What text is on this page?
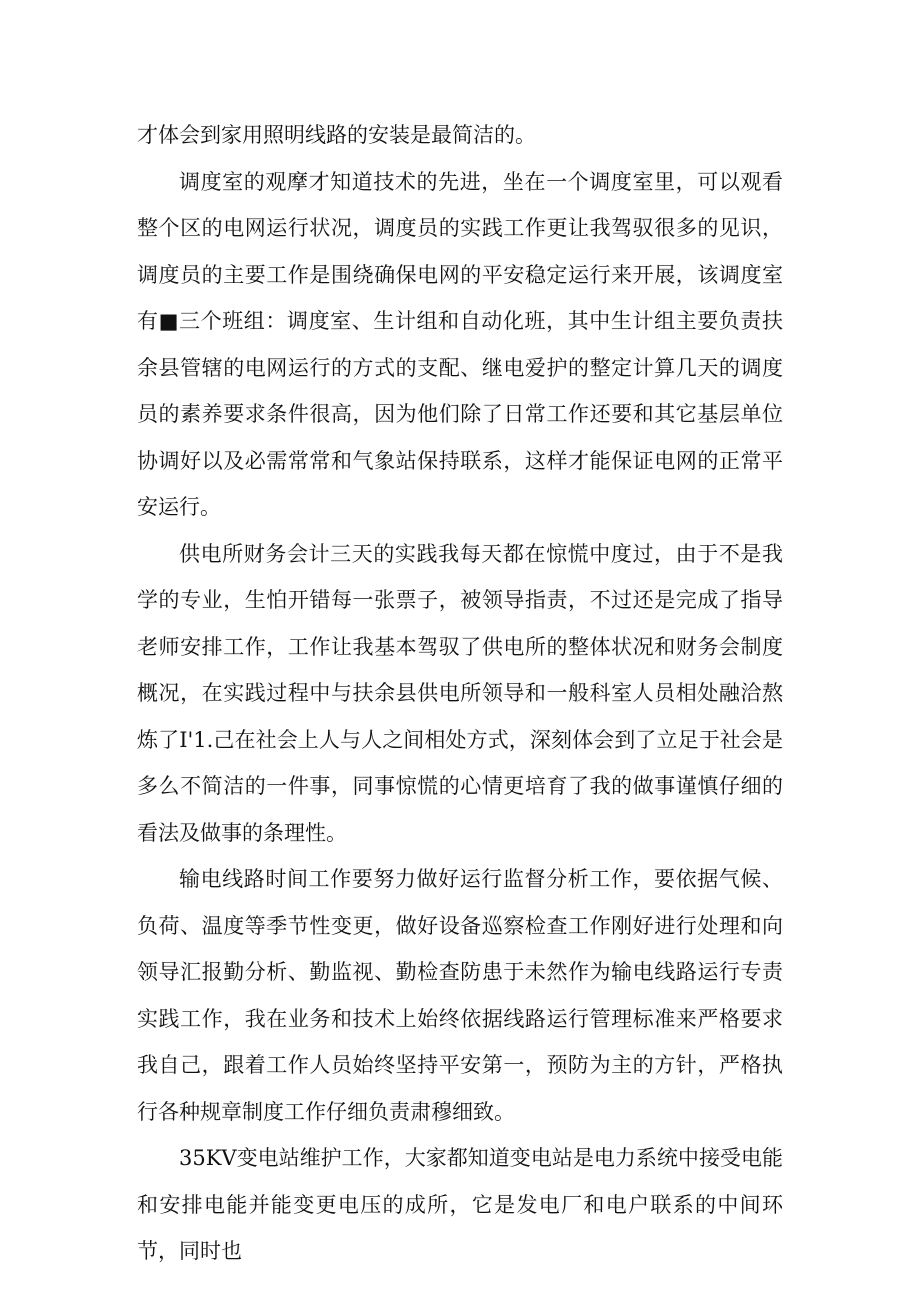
才体会到家用照明线路的安装是最简洁的。

调度室的观摩才知道技术的先进，坐在一个调度室里，可以观看整个区的电网运行状况，调度员的实践工作更让我驾驭很多的见识，调度员的主要工作是围绕确保电网的平安稳定运行来开展，该调度室有■三个班组：调度室、生计组和自动化班，其中生计组主要负责扶余县管辖的电网运行的方式的支配、继电爱护的整定计算几天的调度员的素养要求条件很高，因为他们除了日常工作还要和其它基层单位协调好以及必需常常和气象站保持联系，这样才能保证电网的正常平安运行。

供电所财务会计三天的实践我每天都在惊慌中度过，由于不是我学的专业，生怕开错每一张票子，被领导指责，不过还是完成了指导老师安排工作，工作让我基本驾驭了供电所的整体状况和财务会制度概况，在实践过程中与扶余县供电所领导和一般科室人员相处融洽熬炼了I'1.己在社会上人与人之间相处方式，深刻体会到了立足于社会是多么不简洁的一件事，同事惊慌的心情更培育了我的做事谨慎仔细的看法及做事的条理性。

输电线路时间工作要努力做好运行监督分析工作，要依据气候、负荷、温度等季节性变更，做好设备巡察检查工作刚好进行处理和向领导汇报勤分析、勤监视、勤检查防患于未然作为输电线路运行专责实践工作，我在业务和技术上始终依据线路运行管理标准来严格要求我自己，跟着工作人员始终坚持平安第一，预防为主的方针，严格执行各种规章制度工作仔细负责肃穆细致。

35KV变电站维护工作，大家都知道变电站是电力系统中接受电能和安排电能并能变更电压的成所，它是发电厂和电户联系的中间环节，同时也
